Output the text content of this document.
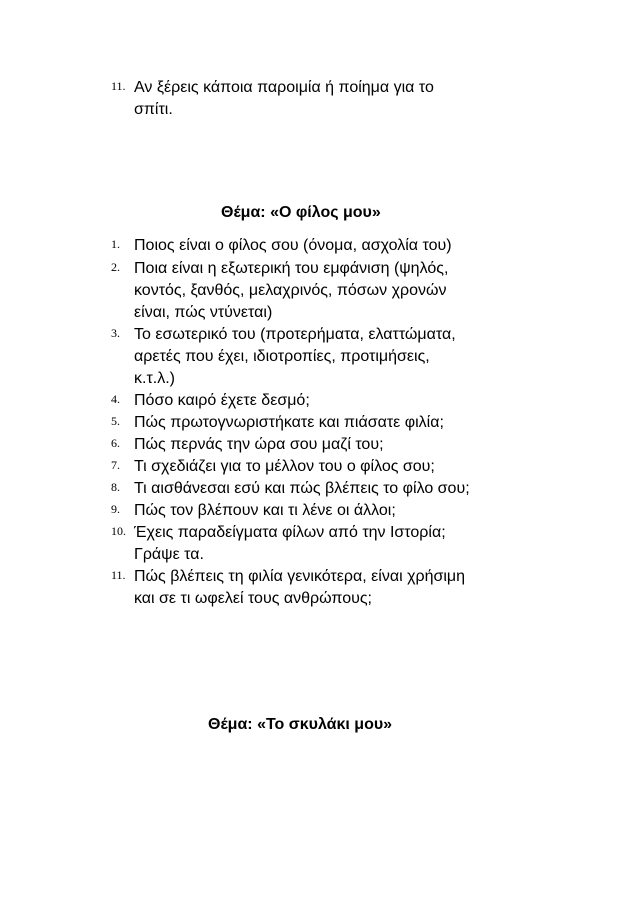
11. Αν ξέρεις κάποια παροιμία ή ποίημα για το
σπίτι.
Θέμα: «Ο φίλος μου»
1. Ποιος είναι ο φίλος σου (όνομα, ασχολία του)
2. Ποια είναι η εξωτερική του εμφάνιση (ψηλός,
κοντός, ξανθός, μελαχρινός, πόσων χρονών
είναι, πώς ντύνεται)
3. Το εσωτερικό του (προτερήματα, ελαττώματα,
αρετές που έχει, ιδιοτροπίες, προτιμήσεις,
κ.τ.λ.)
4. Πόσο καιρό έχετε δεσμό;
5. Πώς πρωτογνωριστήκατε και πιάσατε φιλία;
6. Πώς περνάς την ώρα σου μαζί του;
7. Τι σχεδιάζει για το μέλλον του ο φίλος σου;
8. Τι αισθάνεσαι εσύ και πώς βλέπεις το φίλο σου;
9. Πώς τον βλέπουν και τι λένε οι άλλοι;
10. Έχεις παραδείγματα φίλων από την Ιστορία;
Γράψε τα.
11. Πώς βλέπεις τη φιλία γενικότερα, είναι χρήσιμη
και σε τι ωφελεί τους ανθρώπους;
Θέμα: «Το σκυλάκι μου»
